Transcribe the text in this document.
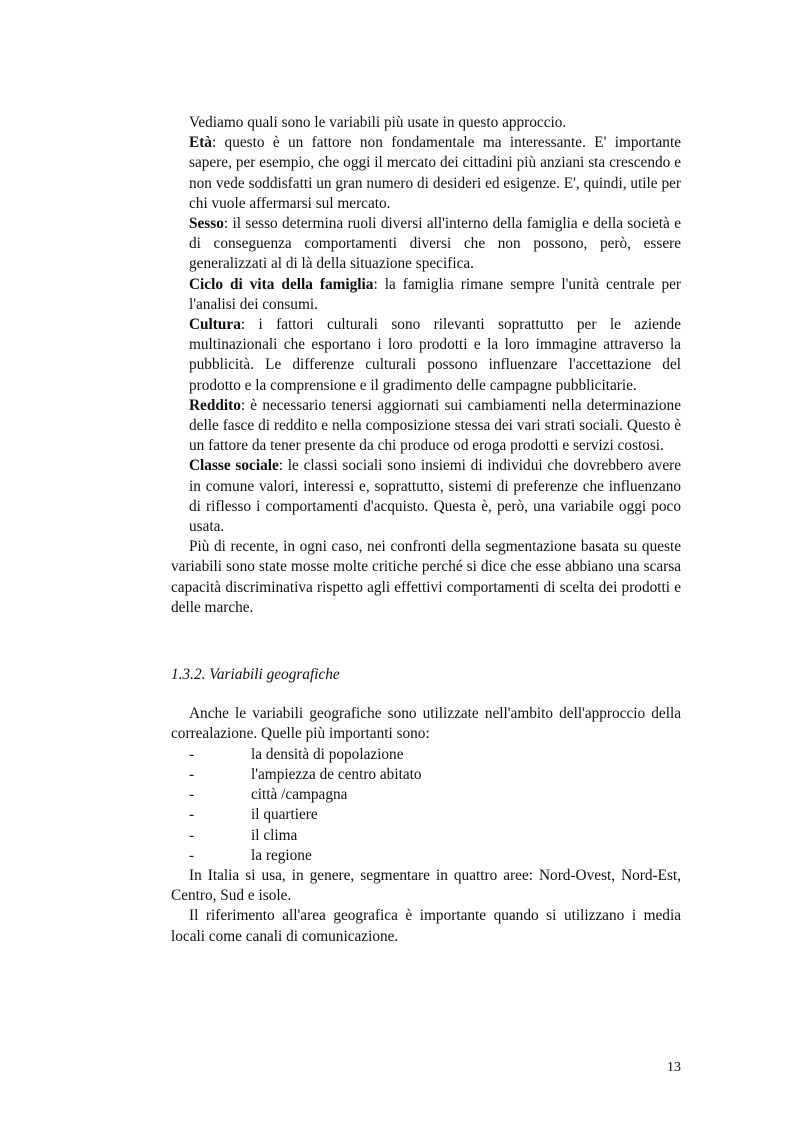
Vediamo quali sono le variabili più usate in questo approccio.

Età: questo è un fattore non fondamentale ma interessante. E' importante sapere, per esempio, che oggi il mercato dei cittadini più anziani sta crescendo e non vede soddisfatti un gran numero di desideri ed esigenze. E', quindi, utile per chi vuole affermarsi sul mercato.

Sesso: il sesso determina ruoli diversi all'interno della famiglia e della società e di conseguenza comportamenti diversi che non possono, però, essere generalizzati al di là della situazione specifica.

Ciclo di vita della famiglia: la famiglia rimane sempre l'unità centrale per l'analisi dei consumi.

Cultura: i fattori culturali sono rilevanti soprattutto per le aziende multinazionali che esportano i loro prodotti e la loro immagine attraverso la pubblicità. Le differenze culturali possono influenzare l'accettazione del prodotto e la comprensione e il gradimento delle campagne pubblicitarie.

Reddito: è necessario tenersi aggiornati sui cambiamenti nella determinazione delle fasce di reddito e nella composizione stessa dei vari strati sociali. Questo è un fattore da tener presente da chi produce od eroga prodotti e servizi costosi.

Classe sociale: le classi sociali sono insiemi di individui che dovrebbero avere in comune valori, interessi e, soprattutto, sistemi di preferenze che influenzano di riflesso i comportamenti d'acquisto. Questa è, però, una variabile oggi poco usata.

Più di recente, in ogni caso, nei confronti della segmentazione basata su queste variabili sono state mosse molte critiche perché si dice che esse abbiano una scarsa capacità discriminativa rispetto agli effettivi comportamenti di scelta dei prodotti e delle marche.

1.3.2. Variabili geografiche

Anche le variabili geografiche sono utilizzate nell'ambito dell'approccio della correalazione. Quelle più importanti sono:

-	la densità di popolazione
-	l'ampiezza de centro abitato
-	città /campagna
-	il quartiere
-	il clima
-	la regione

In Italia si usa, in genere, segmentare in quattro aree: Nord-Ovest, Nord-Est, Centro, Sud e isole.

Il riferimento all'area geografica è importante quando si utilizzano i media locali come canali di comunicazione.

13
